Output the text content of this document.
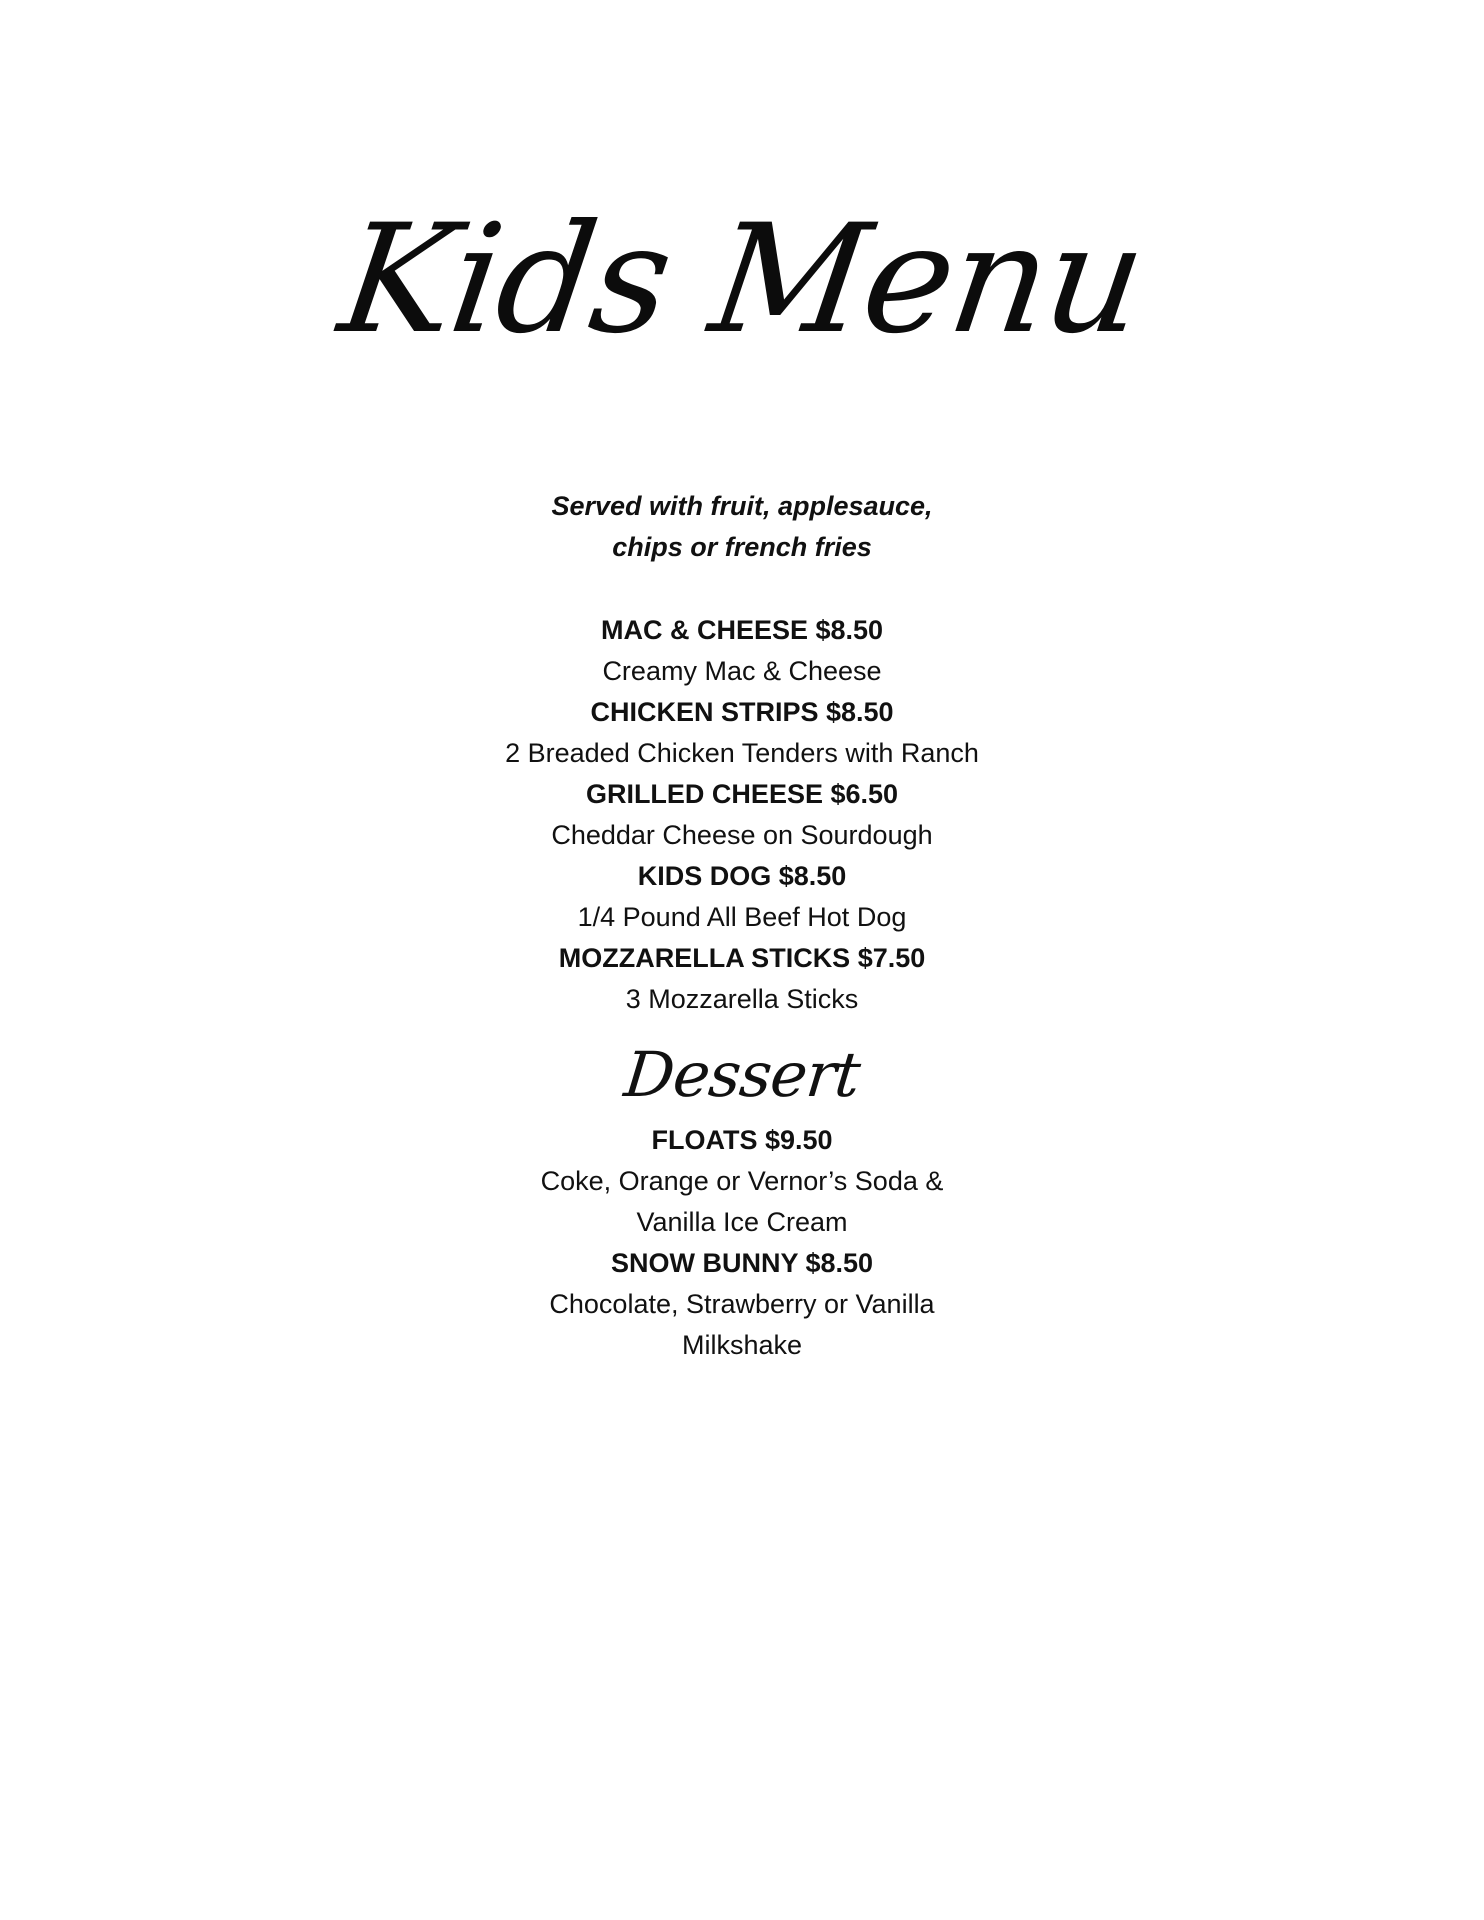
Kids Menu
Served with fruit, applesauce,
chips or french fries
MAC & CHEESE $8.50
Creamy Mac & Cheese
CHICKEN STRIPS $8.50
2 Breaded Chicken Tenders with Ranch
GRILLED CHEESE $6.50
Cheddar Cheese on Sourdough
KIDS DOG $8.50
1/4 Pound All Beef Hot Dog
MOZZARELLA STICKS $7.50
3 Mozzarella Sticks
Dessert
FLOATS $9.50
Coke, Orange or Vernor’s Soda &
Vanilla Ice Cream
SNOW BUNNY $8.50
Chocolate, Strawberry or Vanilla
Milkshake
